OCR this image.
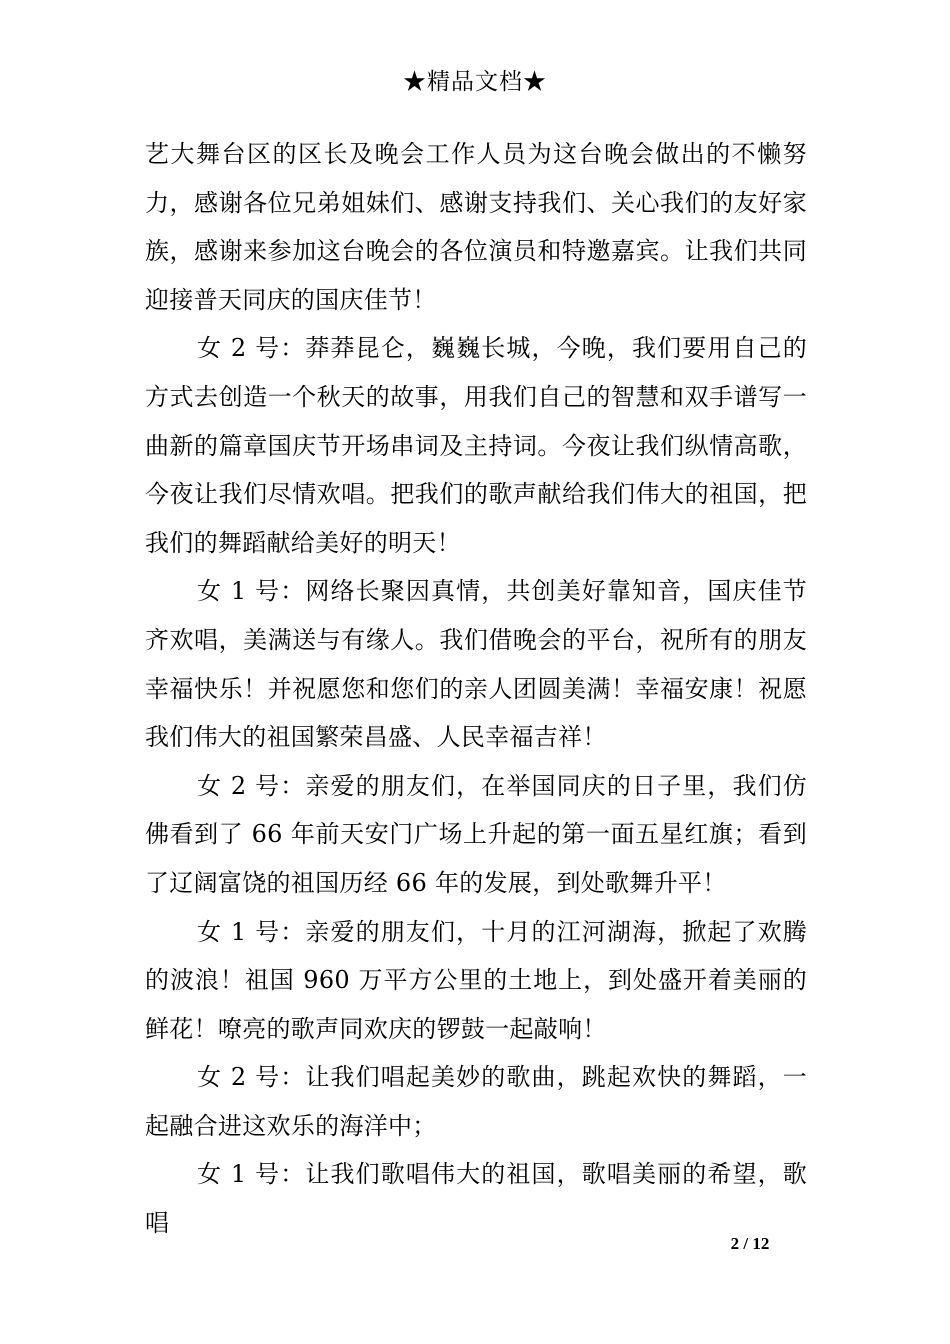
★精品文档★

艺大舞台区的区长及晚会工作人员为这台晚会做出的不懒努力，感谢各位兄弟姐妹们、感谢支持我们、关心我们的友好家族，感谢来参加这台晚会的各位演员和特邀嘉宾。让我们共同迎接普天同庆的国庆佳节！

女 2 号：莽莽昆仑，巍巍长城，今晚，我们要用自己的方式去创造一个秋天的故事，用我们自己的智慧和双手谱写一曲新的篇章国庆节开场串词及主持词。今夜让我们纵情高歌，今夜让我们尽情欢唱。把我们的歌声献给我们伟大的祖国，把我们的舞蹈献给美好的明天！

女 1 号：网络长聚因真情，共创美好靠知音，国庆佳节齐欢唱，美满送与有缘人。我们借晚会的平台，祝所有的朋友幸福快乐！并祝愿您和您们的亲人团圆美满！幸福安康！祝愿我们伟大的祖国繁荣昌盛、人民幸福吉祥！

女 2 号：亲爱的朋友们，在举国同庆的日子里，我们仿佛看到了 66 年前天安门广场上升起的第一面五星红旗；看到了辽阔富饶的祖国历经 66 年的发展，到处歌舞升平！

女 1 号：亲爱的朋友们，十月的江河湖海，掀起了欢腾的波浪！祖国 960 万平方公里的土地上，到处盛开着美丽的鲜花！嘹亮的歌声同欢庆的锣鼓一起敲响！

女 2 号：让我们唱起美妙的歌曲，跳起欢快的舞蹈，一起融合进这欢乐的海洋中；

女 1 号：让我们歌唱伟大的祖国，歌唱美丽的希望，歌唱

2 / 12
